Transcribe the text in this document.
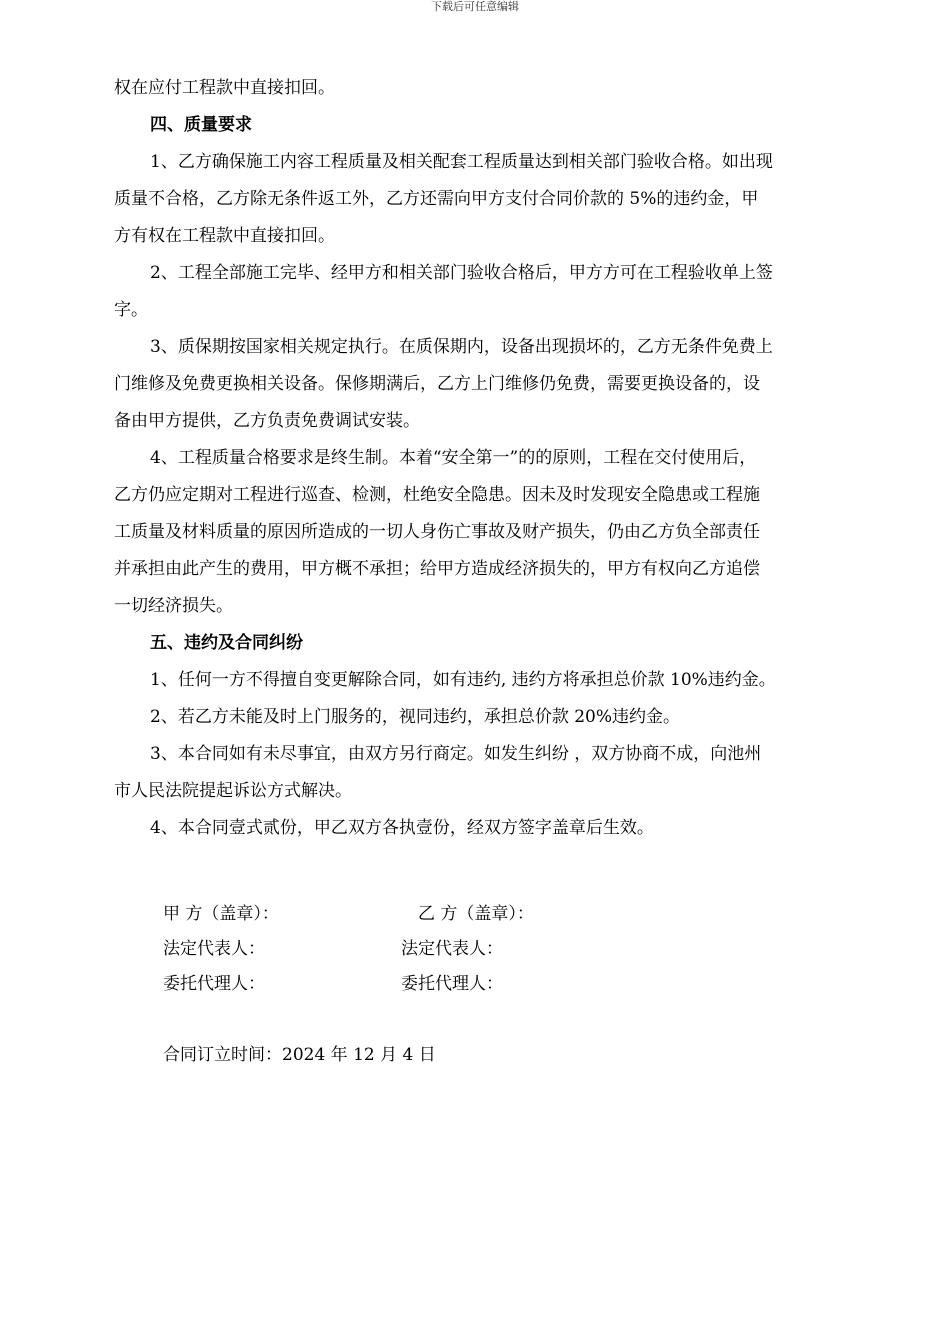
下载后可任意编辑

权在应付工程款中直接扣回。

四、质量要求

1、乙方确保施工内容工程质量及相关配套工程质量达到相关部门验收合格。如出现

质量不合格，乙方除无条件返工外，乙方还需向甲方支付合同价款的 5%的违约金，甲

方有权在工程款中直接扣回。

2、工程全部施工完毕、经甲方和相关部门验收合格后，甲方方可在工程验收单上签

字。

3、质保期按国家相关规定执行。在质保期内，设备出现损坏的，乙方无条件免费上

门维修及免费更换相关设备。保修期满后，乙方上门维修仍免费，需要更换设备的，设

备由甲方提供，乙方负责免费调试安装。

4、工程质量合格要求是终生制。本着“安全第一”的的原则，工程在交付使用后，

乙方仍应定期对工程进行巡查、检测，杜绝安全隐患。因未及时发现安全隐患或工程施

工质量及材料质量的原因所造成的一切人身伤亡事故及财产损失，仍由乙方负全部责任

并承担由此产生的费用，甲方概不承担；给甲方造成经济损失的，甲方有权向乙方追偿

一切经济损失。

五、违约及合同纠纷

1、任何一方不得擅自变更解除合同，如有违约, 违约方将承担总价款 10%违约金。

2、若乙方未能及时上门服务的，视同违约，承担总价款 20%违约金。

3、本合同如有未尽事宜，由双方另行商定。如发生纠纷 ，双方协商不成，向池州

市人民法院提起诉讼方式解决。

4、本合同壹式贰份，甲乙双方各执壹份，经双方签字盖章后生效。

甲 方（盖章）：	乙 方（盖章）：
法定代表人：	法定代表人：
委托代理人：	委托代理人：
合同订立时间：2024 年 12 月 4 日
